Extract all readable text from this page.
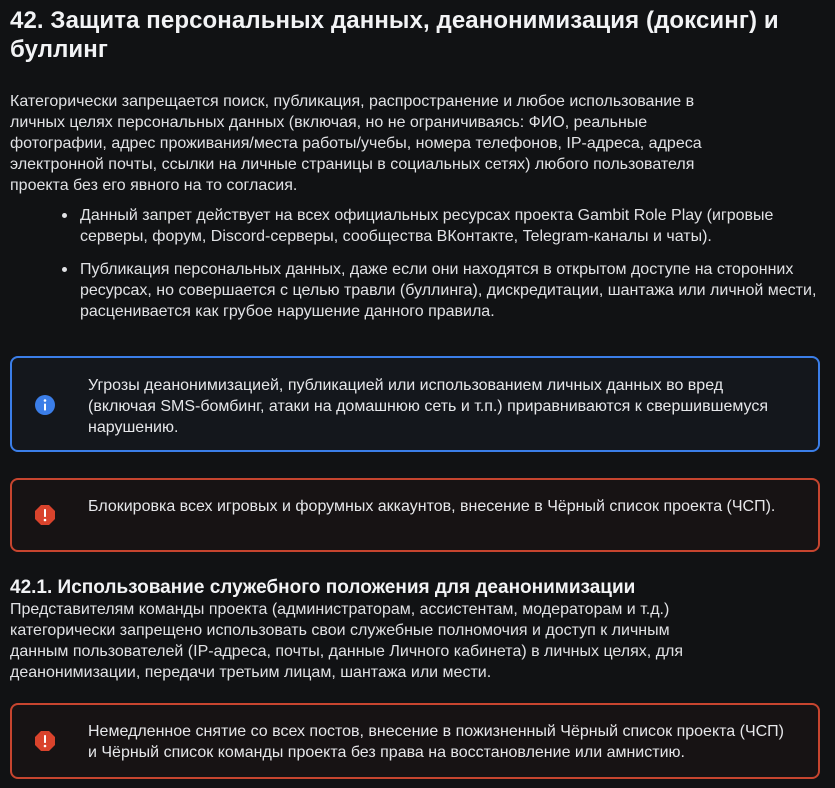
42. Защита персональных данных, деанонимизация (доксинг) и буллинг

Категорически запрещается поиск, публикация, распространение и любое использование в личных целях персональных данных (включая, но не ограничиваясь: ФИО, реальные фотографии, адрес проживания/места работы/учебы, номера телефонов, IP-адреса, адреса электронной почты, ссылки на личные страницы в социальных сетях) любого пользователя проекта без его явного на то согласия.

Данный запрет действует на всех официальных ресурсах проекта Gambit Role Play (игровые серверы, форум, Discord-серверы, сообщества ВКонтакте, Telegram-каналы и чаты).
Публикация персональных данных, даже если они находятся в открытом доступе на сторонних ресурсах, но совершается с целью травли (буллинга), дискредитации, шантажа или личной мести, расценивается как грубое нарушение данного правила.
Угрозы деанонимизацией, публикацией или использованием личных данных во вред (включая SMS-бомбинг, атаки на домашнюю сеть и т.п.) приравниваются к свершившемуся нарушению.
Блокировка всех игровых и форумных аккаунтов, внесение в Чёрный список проекта (ЧСП).
42.1. Использование служебного положения для деанонимизации

Представителям команды проекта (администраторам, ассистентам, модераторам и т.д.) категорически запрещено использовать свои служебные полномочия и доступ к личным данным пользователей (IP-адреса, почты, данные Личного кабинета) в личных целях, для деанонимизации, передачи третьим лицам, шантажа или мести.

Немедленное снятие со всех постов, внесение в пожизненный Чёрный список проекта (ЧСП) и Чёрный список команды проекта без права на восстановление или амнистию.
